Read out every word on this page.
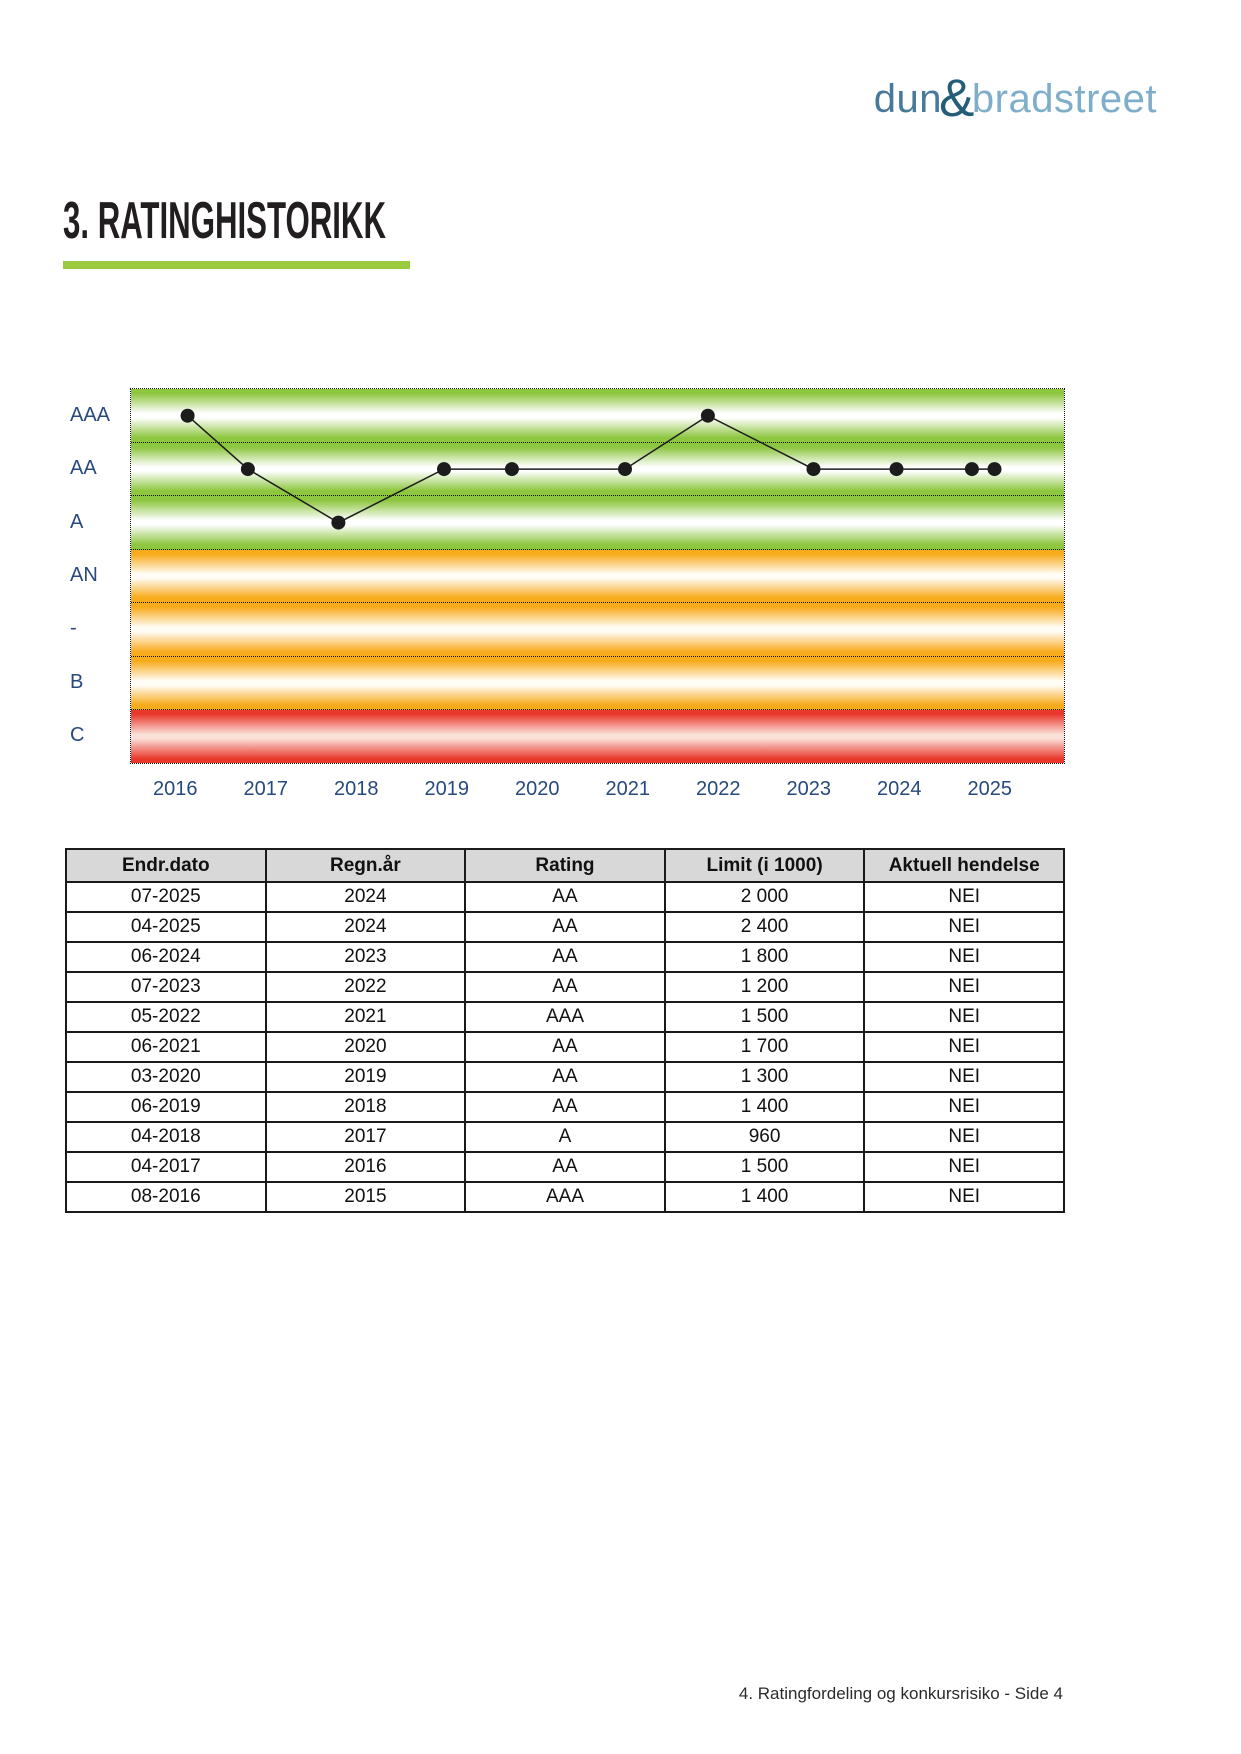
dun&bradstreet
3. RATINGHISTORIKK
AAA
AA
A
AN
-
B
C
2016	2017	2018	2019	2020	2021	2022	2023	2024	2025
Endr.dato	Regn.år	Rating	Limit (i 1000)	Aktuell hendelse
07-2025	2024	AA	2 000	NEI
04-2025	2024	AA	2 400	NEI
06-2024	2023	AA	1 800	NEI
07-2023	2022	AA	1 200	NEI
05-2022	2021	AAA	1 500	NEI
06-2021	2020	AA	1 700	NEI
03-2020	2019	AA	1 300	NEI
06-2019	2018	AA	1 400	NEI
04-2018	2017	A	960	NEI
04-2017	2016	AA	1 500	NEI
08-2016	2015	AAA	1 400	NEI
4. Ratingfordeling og konkursrisiko - Side 4
